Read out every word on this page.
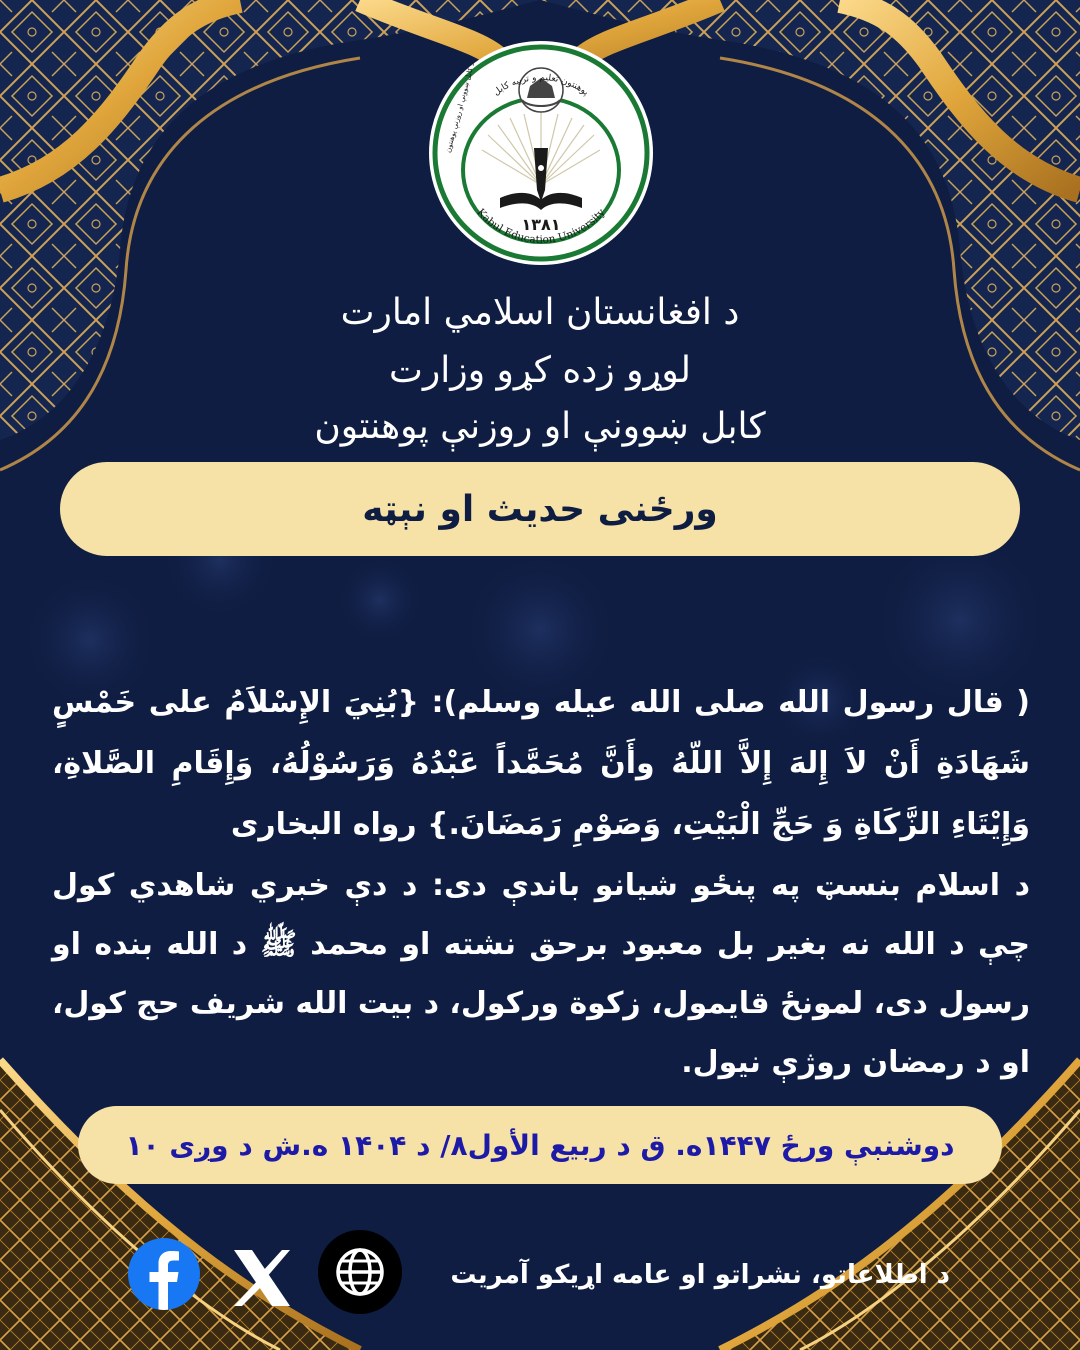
۱۳۸۱
Kabul Education University
پوهنتون تعلیم و تربیه کابل
د کابل ښوونې او روزنې پوهنتون
د افغانستان اسلامي امارت
لوړو زده کړو وزارت
کابل ښوونې او روزنې پوهنتون
ورځنی حدیث او نېټه
( قال رسول الله صلى الله عيله وسلم): {بُنِيَ الإِسْلاَمُ على خَمْسٍ شَهَادَةِ أَنْ لاَ إِلهَ إِلاَّ اللّهُ وأَنَّ مُحَمَّداً عَبْدُهُ وَرَسُوْلُهُ، وَإِقَامِ الصَّلاةِ، وَإِيْتَاءِ الزَّكَاةِ وَ حَجِّ الْبَيْتِ، وَصَوْمِ رَمَضَانَ.} رواه البخارى
د اسلام بنسټ په پنځو شيانو باندې دی: د دې خبري شاهدي کول چې د الله نه بغير بل معبود برحق نشته او محمد ﷺ د الله بنده او رسول دی، لمونځ قايمول، زکوة ورکول، د بيت الله شريف حج کول، او د رمضان روژې نيول.
دوشنبې ورځ ۱۴۴۷ه. ق د ربیع الأول۸/ د ۱۴۰۴ ه.ش د وږی ۱۰
د اطلاعاتو، نشراتو او عامه اړیکو آمریت
